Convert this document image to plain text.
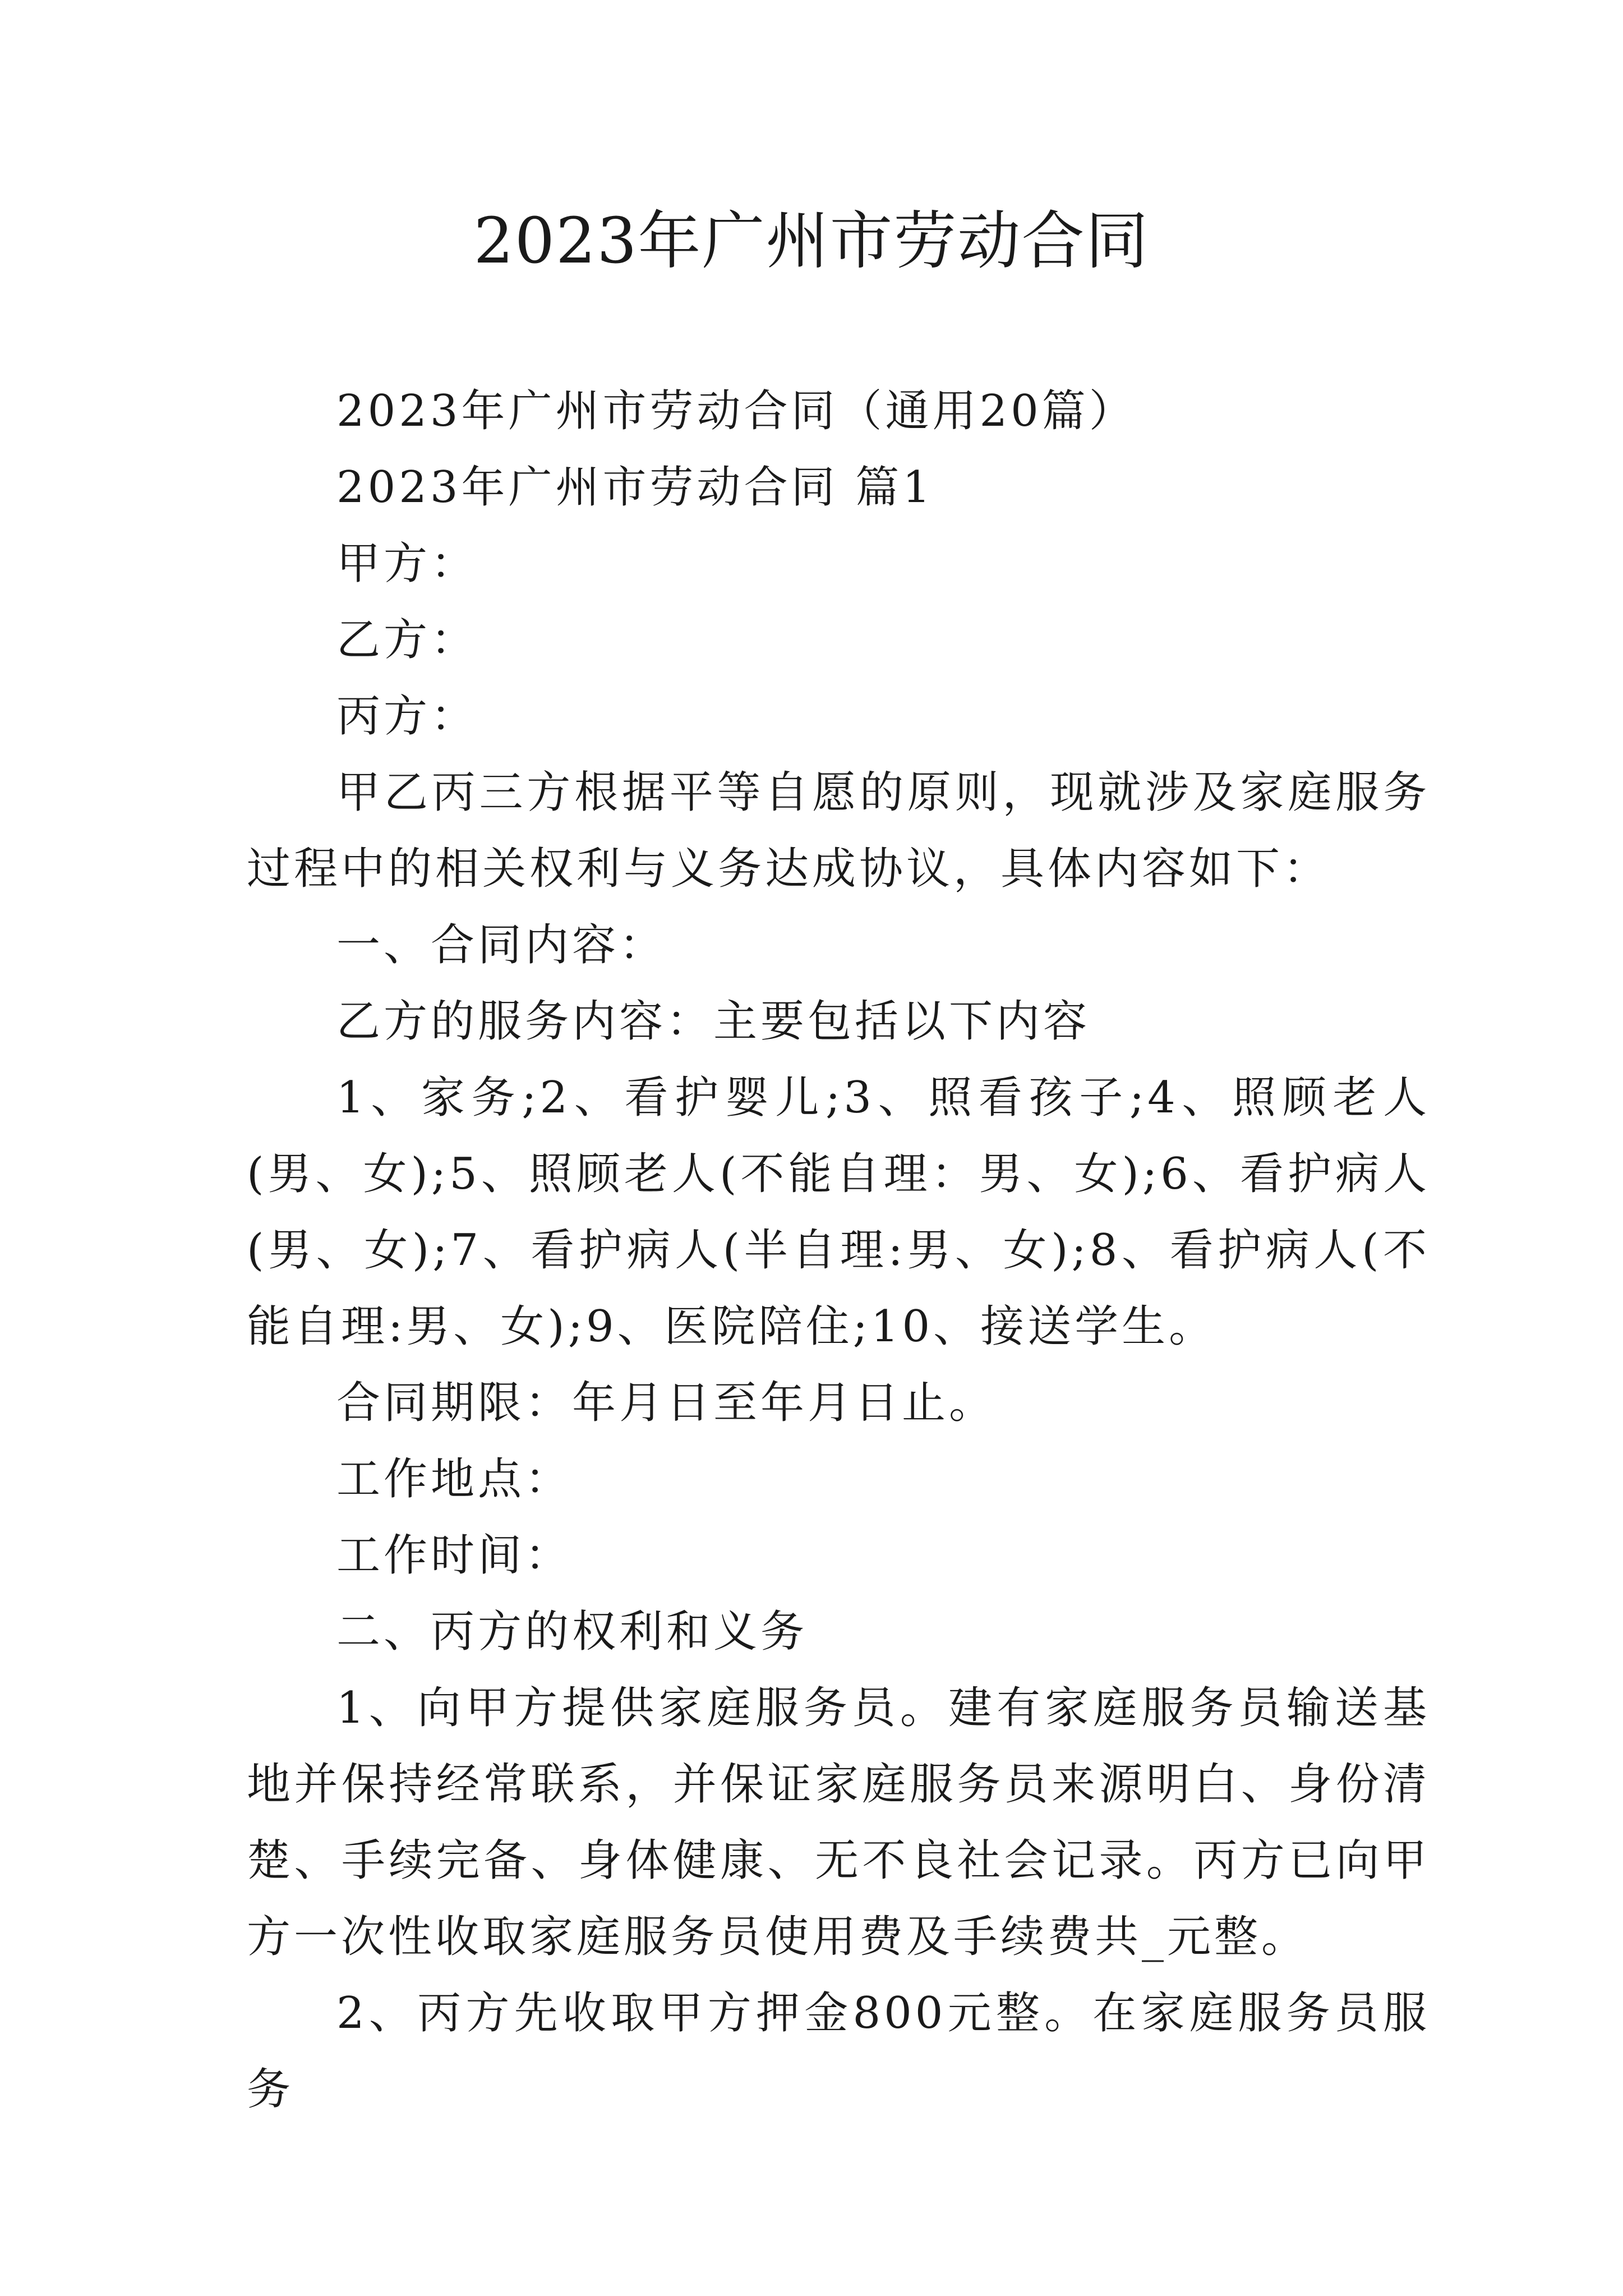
2023年广州市劳动合同

2023年广州市劳动合同（通用20篇）

2023年广州市劳动合同 篇1

甲方：

乙方：

丙方：

甲乙丙三方根据平等自愿的原则，现就涉及家庭服务过程中的相关权利与义务达成协议，具体内容如下：

一、合同内容：

乙方的服务内容：主要包括以下内容

1、家务;2、看护婴儿;3、照看孩子;4、照顾老人(男、女);5、照顾老人(不能自理：男、女);6、看护病人(男、女);7、看护病人(半自理:男、女);8、看护病人(不能自理:男、女);9、医院陪住;10、接送学生。

合同期限：年月日至年月日止。

工作地点：

工作时间：

二、丙方的权利和义务

1、向甲方提供家庭服务员。建有家庭服务员输送基地并保持经常联系，并保证家庭服务员来源明白、身份清楚、手续完备、身体健康、无不良社会记录。丙方已向甲方一次性收取家庭服务员使用费及手续费共_元整。

2、丙方先收取甲方押金800元整。在家庭服务员服务
